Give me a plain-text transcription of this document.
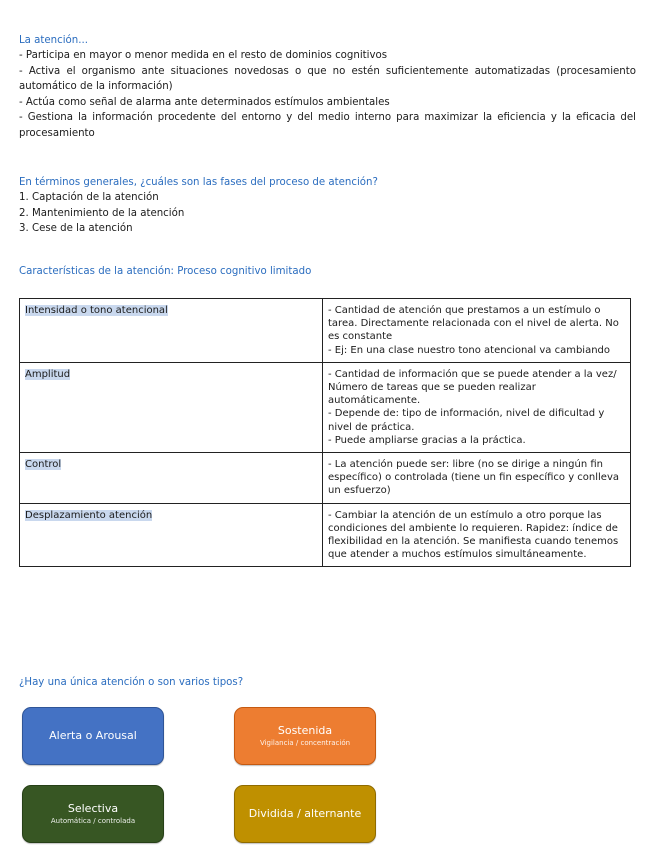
La atención...
- Participa en mayor o menor medida en el resto de dominios cognitivos
- Activa el organismo ante situaciones novedosas o que no estén suficientemente automatizadas (procesamiento automático de la información)
- Actúa como señal de alarma ante determinados estímulos ambientales
- Gestiona la información procedente del entorno y del medio interno para maximizar la eficiencia y la eficacia del procesamiento
En términos generales, ¿cuáles son las fases del proceso de atención?
1. Captación de la atención
2. Mantenimiento de la atención
3. Cese de la atención
Características de la atención: Proceso cognitivo limitado
Intensidad o tono atencional	- Cantidad de atención que prestamos a un estímulo o tarea. Directamente relacionada con el nivel de alerta. No es constante
- Ej: En una clase nuestro tono atencional va cambiando

Amplitud	- Cantidad de información que se puede atender a la vez/ Número de tareas que se pueden realizar automáticamente.
- Depende de: tipo de información, nivel de dificultad y nivel de práctica.
- Puede ampliarse gracias a la práctica.

Control	- La atención puede ser: libre (no se dirige a ningún fin específico) o controlada (tiene un fin específico y conlleva un esfuerzo)

Desplazamiento atención	- Cambiar la atención de un estímulo a otro porque las condiciones del ambiente lo requieren. Rapidez: índice de flexibilidad en la atención. Se manifiesta cuando tenemos que atender a muchos estímulos simultáneamente.
¿Hay una única atención o son varios tipos?
Alerta o Arousal	Sostenida
Vigilancia / concentración
Selectiva
Automática / controlada
Dividida / alternante
